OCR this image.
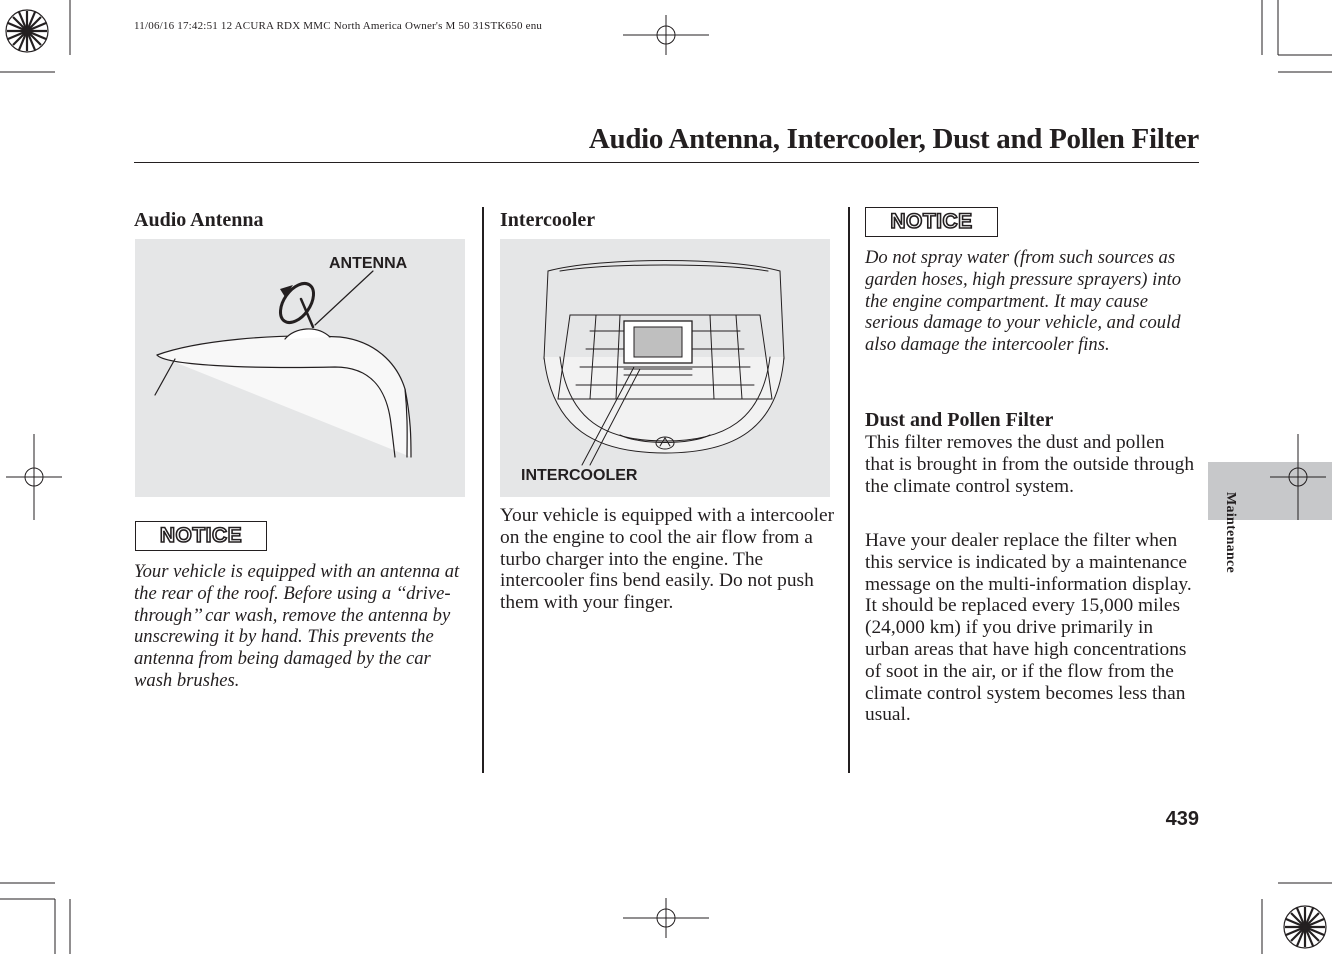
11/06/16 17:42:51 12 ACURA RDX MMC North America Owner's M 50 31STK650 enu
Audio Antenna, Intercooler, Dust and Pollen Filter
Audio Antenna
ANTENNA
NOTICE

Your vehicle is equipped with an antenna at the rear of the roof. Before using a ‘‘drive-through’’ car wash, remove the antenna by unscrewing it by hand. This prevents the antenna from being damaged by the car wash brushes.

Intercooler
INTERCOOLER

Your vehicle is equipped with a intercooler on the engine to cool the air flow from a turbo charger into the engine. The intercooler fins bend easily. Do not push them with your finger.

NOTICE

Do not spray water (from such sources as garden hoses, high pressure sprayers) into the engine compartment. It may cause serious damage to your vehicle, and could also damage the intercooler fins.

Dust and Pollen Filter

This filter removes the dust and pollen that is brought in from the outside through the climate control system.

Have your dealer replace the filter when this service is indicated by a maintenance message on the multi-information display. It should be replaced every 15,000 miles (24,000 km) if you drive primarily in urban areas that have high concentrations of soot in the air, or if the flow from the climate control system becomes less than usual.

Maintenance
439
